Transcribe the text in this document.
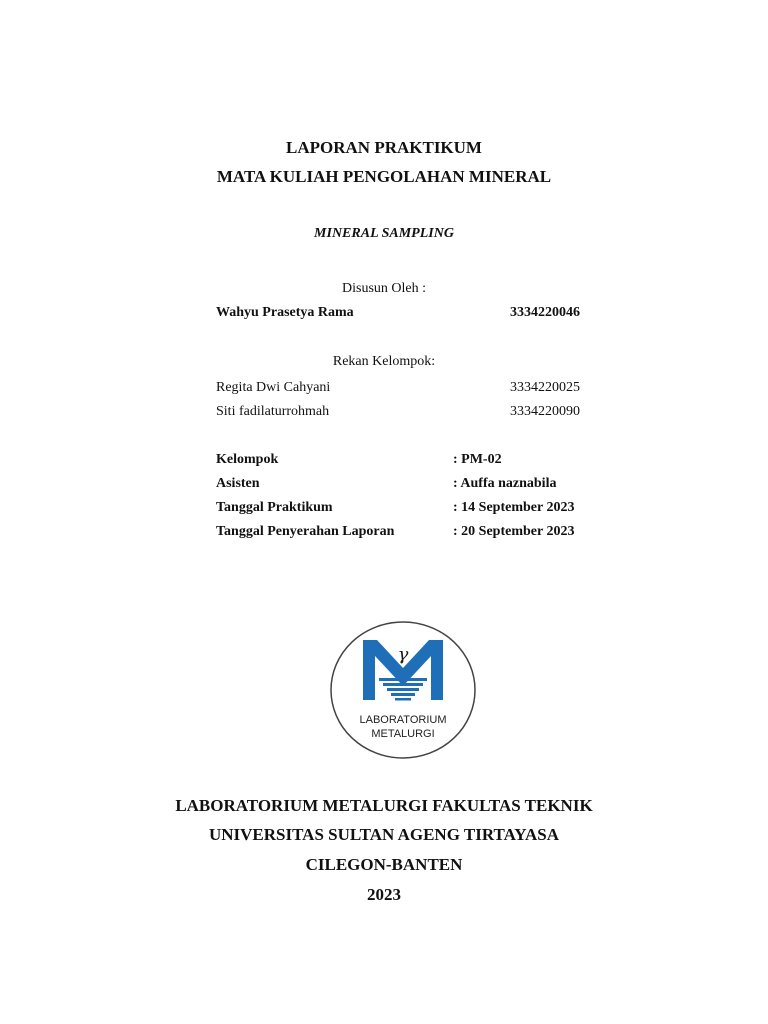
LAPORAN PRAKTIKUM
MATA KULIAH PENGOLAHAN MINERAL
MINERAL SAMPLING
Disusun Oleh :
Wahyu Prasetya Rama	3334220046
Rekan Kelompok:
Regita Dwi Cahyani	3334220025
Siti fadilaturrohmah	3334220090
Kelompok	: PM-02
Asisten	: Auffa naznabila
Tanggal Praktikum	: 14 September 2023
Tanggal Penyerahan Laporan	: 20 September 2023
γ
LABORATORIUM
METALURGI
LABORATORIUM METALURGI FAKULTAS TEKNIK
UNIVERSITAS SULTAN AGENG TIRTAYASA
CILEGON-BANTEN
2023
